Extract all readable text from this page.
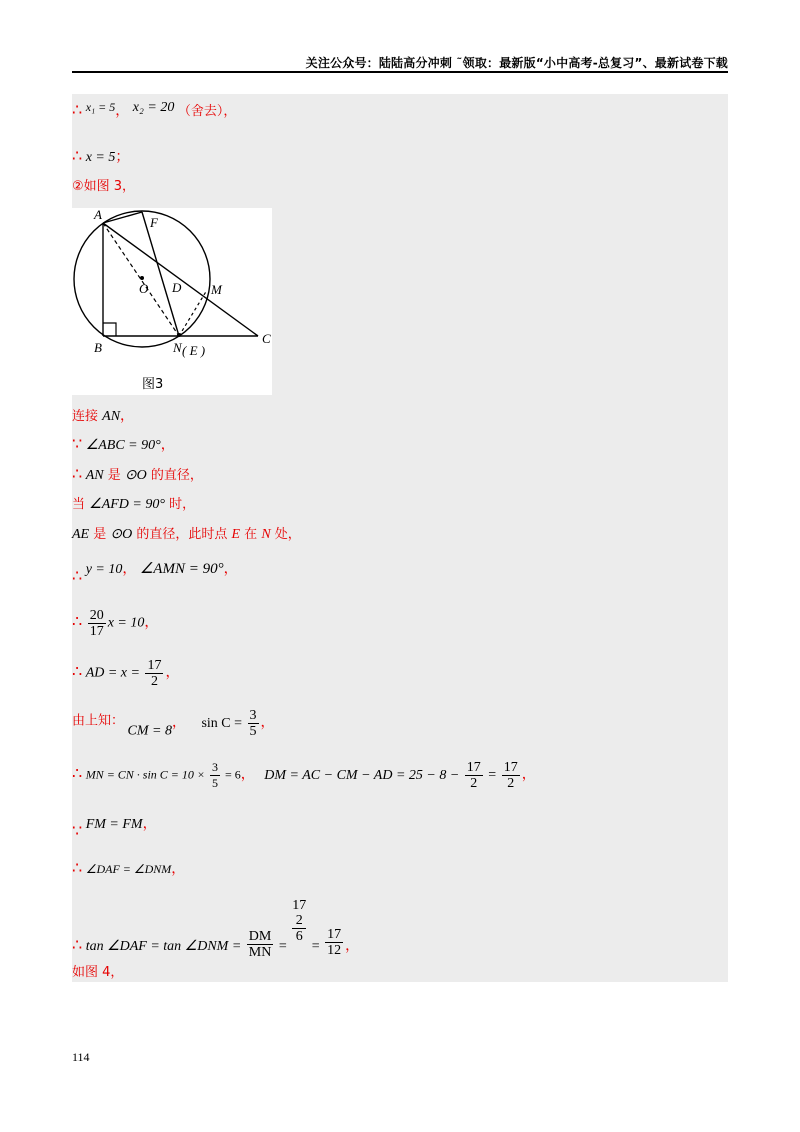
关注公众号：陆陆高分冲刺 ˜领取：最新版“小中高考-总复习”、最新试卷下载
∴ x₁ = 5， x₂ = 20 （舍去），
∴ x = 5；
②如图 3，
A
F
O D M
B	N ( E )
C
图3
连接 AN，
∵ ∠ABC = 90°，
∴ AN 是 ⊙O 的直径，
当 ∠AFD = 90° 时，
AE 是 ⊙O 的直径，此时点 E 在 N 处，
∴ y = 10， ∠AMN = 90°，
∴ $\frac{20}{17}$ x = 10，
∴ AD = $x = \frac{17}{2}$ ，
由上知： CM = 8， $\sin C = \frac{3}{5}$ ，
∴ MN = CN · $\sin C = 10 \times \frac{3}{5} = 6$， DM = AC − CM − AD = $25 - 8 - \frac{17}{2} = \frac{17}{2}$ ，
∵ FM = FM，
∴ ∠DAF = ∠DNM，
∴ tan ∠DAF = tan ∠DNM = $\frac{DM}{MN}$ =
17
2
6
= $\frac{17}{12}$ ，
如图 4，
114
